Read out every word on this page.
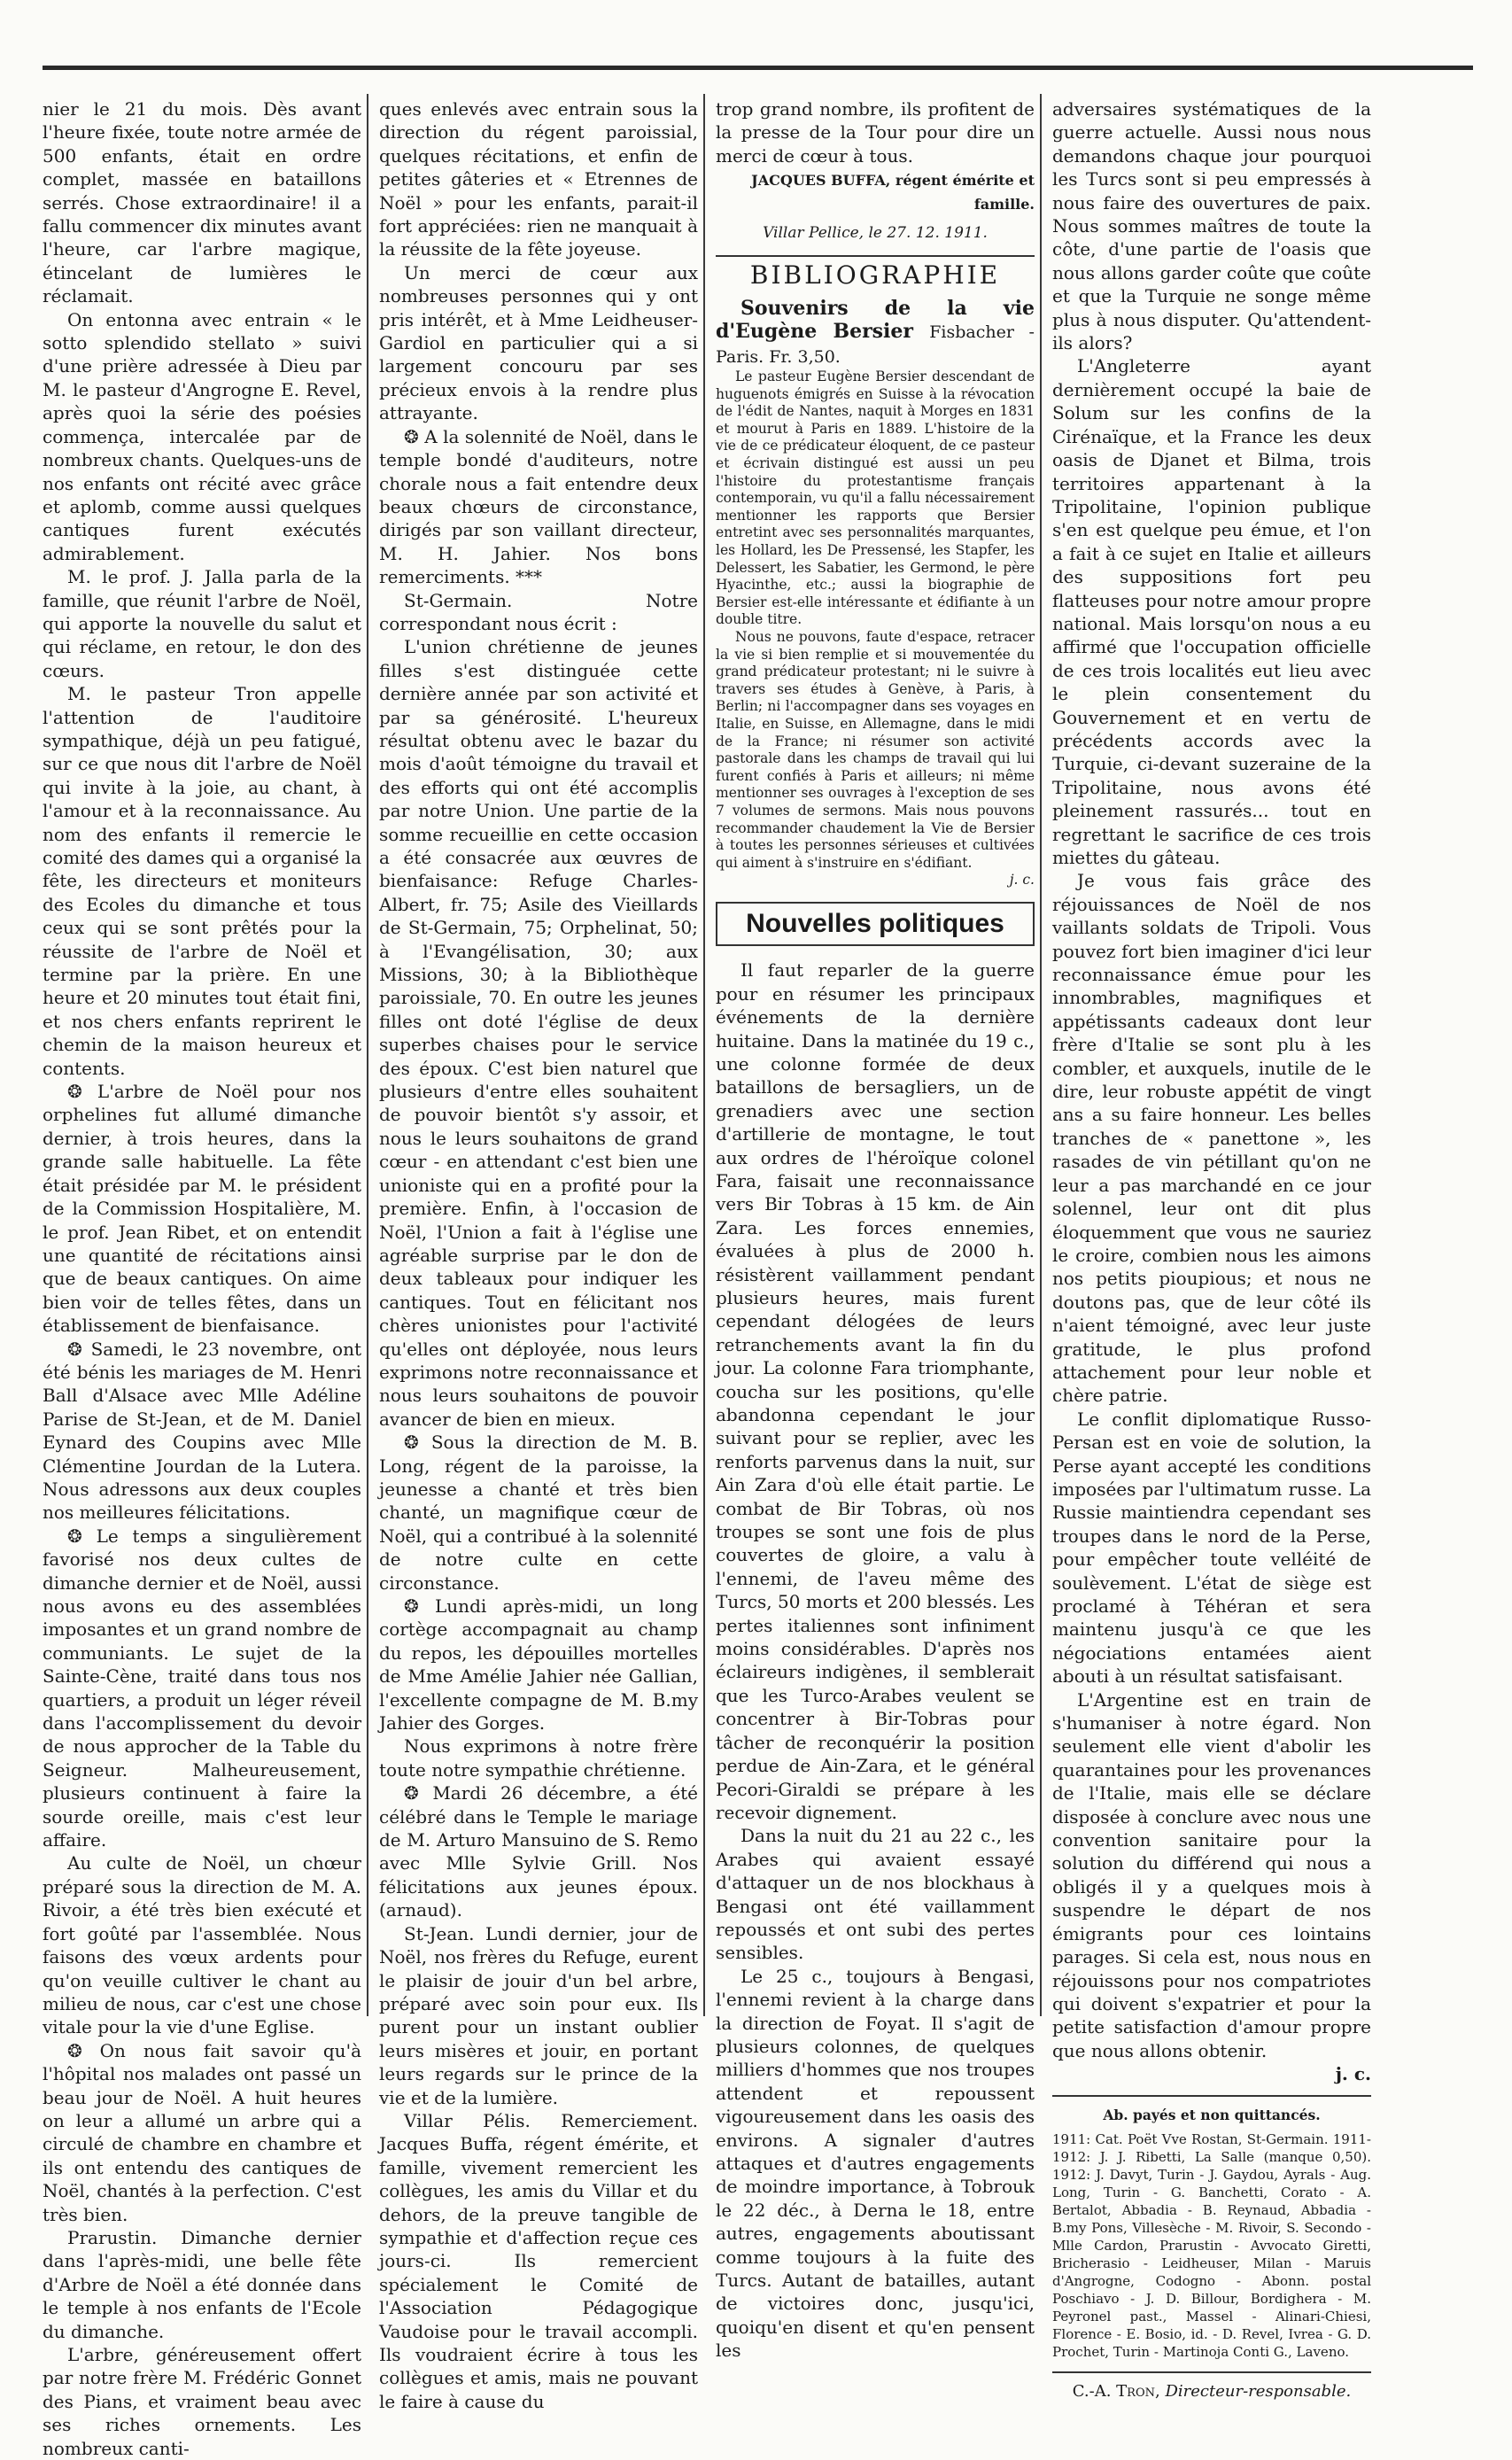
nier le 21 du mois. Dès avant l'heure fixée, toute notre armée de 500 enfants, était en ordre complet, massée en bataillons serrés. Chose extraordinaire! il a fallu commencer dix minutes avant l'heure, car l'arbre magique, étincelant de lumières le réclamait.

On entonna avec entrain « le sotto splendido stellato » suivi d'une prière adressée à Dieu par M. le pasteur d'Angrogne E. Revel, après quoi la série des poésies commença, intercalée par de nombreux chants. Quelques-uns de nos enfants ont récité avec grâce et aplomb, comme aussi quelques cantiques furent exécutés admirablement.

M. le prof. J. Jalla parla de la famille, que réunit l'arbre de Noël, qui apporte la nouvelle du salut et qui réclame, en retour, le don des cœurs.

M. le pasteur Tron appelle l'attention de l'auditoire sympathique, déjà un peu fatigué, sur ce que nous dit l'arbre de Noël qui invite à la joie, au chant, à l'amour et à la reconnaissance. Au nom des enfants il remercie le comité des dames qui a organisé la fête, les directeurs et moniteurs des Ecoles du dimanche et tous ceux qui se sont prêtés pour la réussite de l'arbre de Noël et termine par la prière. En une heure et 20 minutes tout était fini, et nos chers enfants reprirent le chemin de la maison heureux et contents.

❂ L'arbre de Noël pour nos orphelines fut allumé dimanche dernier, à trois heures, dans la grande salle habituelle. La fête était présidée par M. le président de la Commission Hospitalière, M. le prof. Jean Ribet, et on entendit une quantité de récitations ainsi que de beaux cantiques. On aime bien voir de telles fêtes, dans un établissement de bienfaisance.

❂ Samedi, le 23 novembre, ont été bénis les mariages de M. Henri Ball d'Alsace avec Mlle Adéline Parise de St-Jean, et de M. Daniel Eynard des Coupins avec Mlle Clémentine Jourdan de la Lutera. Nous adressons aux deux couples nos meilleures félicitations.

❂ Le temps a singulièrement favorisé nos deux cultes de dimanche dernier et de Noël, aussi nous avons eu des assemblées imposantes et un grand nombre de communiants. Le sujet de la Sainte-Cène, traité dans tous nos quartiers, a produit un léger réveil dans l'accomplissement du devoir de nous approcher de la Table du Seigneur. Malheureusement, plusieurs continuent à faire la sourde oreille, mais c'est leur affaire.

Au culte de Noël, un chœur préparé sous la direction de M. A. Rivoir, a été très bien exécuté et fort goûté par l'assemblée. Nous faisons des vœux ardents pour qu'on veuille cultiver le chant au milieu de nous, car c'est une chose vitale pour la vie d'une Eglise.

❂ On nous fait savoir qu'à l'hôpital nos malades ont passé un beau jour de Noël. A huit heures on leur a allumé un arbre qui a circulé de chambre en chambre et ils ont entendu des cantiques de Noël, chantés à la perfection. C'est très bien.

Prarustin. Dimanche dernier dans l'après-midi, une belle fête d'Arbre de Noël a été donnée dans le temple à nos enfants de l'Ecole du dimanche.

L'arbre, généreusement offert par notre frère M. Frédéric Gonnet des Pians, et vraiment beau avec ses riches ornements. Les nombreux canti-

ques enlevés avec entrain sous la direction du régent paroissial, quelques récitations, et enfin de petites gâteries et « Etrennes de Noël » pour les enfants, parait-il fort appréciées: rien ne manquait à la réussite de la fête joyeuse.

Un merci de cœur aux nombreuses personnes qui y ont pris intérêt, et à Mme Leidheuser-Gardiol en particulier qui a si largement concouru par ses précieux envois à la rendre plus attrayante.

❂ A la solennité de Noël, dans le temple bondé d'auditeurs, notre chorale nous a fait entendre deux beaux chœurs de circonstance, dirigés par son vaillant directeur, M. H. Jahier. Nos bons remerciments. ***

St-Germain. Notre correspondant nous écrit :

L'union chrétienne de jeunes filles s'est distinguée cette dernière année par son activité et par sa générosité. L'heureux résultat obtenu avec le bazar du mois d'août témoigne du travail et des efforts qui ont été accomplis par notre Union. Une partie de la somme recueillie en cette occasion a été consacrée aux œuvres de bienfaisance: Refuge Charles-Albert, fr. 75; Asile des Vieillards de St-Germain, 75; Orphelinat, 50; à l'Evangélisation, 30; aux Missions, 30; à la Bibliothèque paroissiale, 70. En outre les jeunes filles ont doté l'église de deux superbes chaises pour le service des époux. C'est bien naturel que plusieurs d'entre elles souhaitent de pouvoir bientôt s'y assoir, et nous le leurs souhaitons de grand cœur - en attendant c'est bien une unioniste qui en a profité pour la première. Enfin, à l'occasion de Noël, l'Union a fait à l'église une agréable surprise par le don de deux tableaux pour indiquer les cantiques. Tout en félicitant nos chères unionistes pour l'activité qu'elles ont déployée, nous leurs exprimons notre reconnaissance et nous leurs souhaitons de pouvoir avancer de bien en mieux.

❂ Sous la direction de M. B. Long, régent de la paroisse, la jeunesse a chanté et très bien chanté, un magnifique cœur de Noël, qui a contribué à la solennité de notre culte en cette circonstance.

❂ Lundi après-midi, un long cortège accompagnait au champ du repos, les dépouilles mortelles de Mme Amélie Jahier née Gallian, l'excellente compagne de M. B.my Jahier des Gorges.

Nous exprimons à notre frère toute notre sympathie chrétienne.

❂ Mardi 26 décembre, a été célébré dans le Temple le mariage de M. Arturo Mansuino de S. Remo avec Mlle Sylvie Grill. Nos félicitations aux jeunes époux. (arnaud).

St-Jean. Lundi dernier, jour de Noël, nos frères du Refuge, eurent le plaisir de jouir d'un bel arbre, préparé avec soin pour eux. Ils purent pour un instant oublier leurs misères et jouir, en portant leurs regards sur le prince de la vie et de la lumière.

Villar Pélis. Remerciement. Jacques Buffa, régent émérite, et famille, vivement remercient les collègues, les amis du Villar et du dehors, de la preuve tangible de sympathie et d'affection reçue ces jours-ci. Ils remercient spécialement le Comité de l'Association Pédagogique Vaudoise pour le travail accompli. Ils voudraient écrire à tous les collègues et amis, mais ne pouvant le faire à cause du

trop grand nombre, ils profitent de la presse de la Tour pour dire un merci de cœur à tous.

JACQUES BUFFA, régent émérite et famille.
Villar Pellice, le 27. 12. 1911.
BIBLIOGRAPHIE

Souvenirs de la vie d'Eugène Bersier Fisbacher - Paris. Fr. 3,50.

Le pasteur Eugène Bersier descendant de huguenots émigrés en Suisse à la révocation de l'édit de Nantes, naquit à Morges en 1831 et mourut à Paris en 1889. L'histoire de la vie de ce prédicateur éloquent, de ce pasteur et écrivain distingué est aussi un peu l'histoire du protestantisme français contemporain, vu qu'il a fallu nécessairement mentionner les rapports que Bersier entretint avec ses personnalités marquantes, les Hollard, les De Pressensé, les Stapfer, les Delessert, les Sabatier, les Germond, le père Hyacinthe, etc.; aussi la biographie de Bersier est-elle intéressante et édifiante à un double titre.

Nous ne pouvons, faute d'espace, retracer la vie si bien remplie et si mouvementée du grand prédicateur protestant; ni le suivre à travers ses études à Genève, à Paris, à Berlin; ni l'accompagner dans ses voyages en Italie, en Suisse, en Allemagne, dans le midi de la France; ni résumer son activité pastorale dans les champs de travail qui lui furent confiés à Paris et ailleurs; ni même mentionner ses ouvrages à l'exception de ses 7 volumes de sermons. Mais nous pouvons recommander chaudement la Vie de Bersier à toutes les personnes sérieuses et cultivées qui aiment à s'instruire en s'édifiant.

j. c.
Nouvelles politiques

Il faut reparler de la guerre pour en résumer les principaux événements de la dernière huitaine. Dans la matinée du 19 c., une colonne formée de deux bataillons de bersagliers, un de grenadiers avec une section d'artillerie de montagne, le tout aux ordres de l'héroïque colonel Fara, faisait une reconnaissance vers Bir Tobras à 15 km. de Ain Zara. Les forces ennemies, évaluées à plus de 2000 h. résistèrent vaillamment pendant plusieurs heures, mais furent cependant délogées de leurs retranchements avant la fin du jour. La colonne Fara triomphante, coucha sur les positions, qu'elle abandonna cependant le jour suivant pour se replier, avec les renforts parvenus dans la nuit, sur Ain Zara d'où elle était partie. Le combat de Bir Tobras, où nos troupes se sont une fois de plus couvertes de gloire, a valu à l'ennemi, de l'aveu même des Turcs, 50 morts et 200 blessés. Les pertes italiennes sont infiniment moins considérables. D'après nos éclaireurs indigènes, il semblerait que les Turco-Arabes veulent se concentrer à Bir-Tobras pour tâcher de reconquérir la position perdue de Ain-Zara, et le général Pecori-Giraldi se prépare à les recevoir dignement.

Dans la nuit du 21 au 22 c., les Arabes qui avaient essayé d'attaquer un de nos blockhaus à Bengasi ont été vaillamment repoussés et ont subi des pertes sensibles.

Le 25 c., toujours à Bengasi, l'ennemi revient à la charge dans la direction de Foyat. Il s'agit de plusieurs colonnes, de quelques milliers d'hommes que nos troupes attendent et repoussent vigoureusement dans les oasis des environs. A signaler d'autres attaques et d'autres engagements de moindre importance, à Tobrouk le 22 déc., à Derna le 18, entre autres, engagements aboutissant comme toujours à la fuite des Turcs. Autant de batailles, autant de victoires donc, jusqu'ici, quoiqu'en disent et qu'en pensent les

adversaires systématiques de la guerre actuelle. Aussi nous nous demandons chaque jour pourquoi les Turcs sont si peu empressés à nous faire des ouvertures de paix. Nous sommes maîtres de toute la côte, d'une partie de l'oasis que nous allons garder coûte que coûte et que la Turquie ne songe même plus à nous disputer. Qu'attendent-ils alors?

L'Angleterre ayant dernièrement occupé la baie de Solum sur les confins de la Cirénaïque, et la France les deux oasis de Djanet et Bilma, trois territoires appartenant à la Tripolitaine, l'opinion publique s'en est quelque peu émue, et l'on a fait à ce sujet en Italie et ailleurs des suppositions fort peu flatteuses pour notre amour propre national. Mais lorsqu'on nous a eu affirmé que l'occupation officielle de ces trois localités eut lieu avec le plein consentement du Gouvernement et en vertu de précédents accords avec la Turquie, ci-devant suzeraine de la Tripolitaine, nous avons été pleinement rassurés... tout en regrettant le sacrifice de ces trois miettes du gâteau.

Je vous fais grâce des réjouissances de Noël de nos vaillants soldats de Tripoli. Vous pouvez fort bien imaginer d'ici leur reconnaissance émue pour les innombrables, magnifiques et appétissants cadeaux dont leur frère d'Italie se sont plu à les combler, et auxquels, inutile de le dire, leur robuste appétit de vingt ans a su faire honneur. Les belles tranches de « panettone », les rasades de vin pétillant qu'on ne leur a pas marchandé en ce jour solennel, leur ont dit plus éloquemment que vous ne sauriez le croire, combien nous les aimons nos petits pioupious; et nous ne doutons pas, que de leur côté ils n'aient témoigné, avec leur juste gratitude, le plus profond attachement pour leur noble et chère patrie.

Le conflit diplomatique Russo-Persan est en voie de solution, la Perse ayant accepté les conditions imposées par l'ultimatum russe. La Russie maintiendra cependant ses troupes dans le nord de la Perse, pour empêcher toute velléité de soulèvement. L'état de siège est proclamé à Téhéran et sera maintenu jusqu'à ce que les négociations entamées aient abouti à un résultat satisfaisant.

L'Argentine est en train de s'humaniser à notre égard. Non seulement elle vient d'abolir les quarantaines pour les provenances de l'Italie, mais elle se déclare disposée à conclure avec nous une convention sanitaire pour la solution du différend qui nous a obligés il y a quelques mois à suspendre le départ de nos émigrants pour ces lointains parages. Si cela est, nous nous en réjouissons pour nos compatriotes qui doivent s'expatrier et pour la petite satisfaction d'amour propre que nous allons obtenir.

j. c.
Ab. payés et non quittancés.
1911: Cat. Poët Vve Rostan, St-Germain. 1911-1912: J. J. Ribetti, La Salle (manque 0,50). 1912: J. Davyt, Turin - J. Gaydou, Ayrals - Aug. Long, Turin - G. Banchetti, Corato - A. Bertalot, Abbadia - B. Reynaud, Abbadia - B.my Pons, Villesèche - M. Rivoir, S. Secondo - Mlle Cardon, Prarustin - Avvocato Giretti, Bricherasio - Leidheuser, Milan - Maruis d'Angrogne, Codogno - Abonn. postal Poschiavo - J. D. Billour, Bordighera - M. Peyronel past., Massel - Alinari-Chiesi, Florence - E. Bosio, id. - D. Revel, Ivrea - G. D. Prochet, Turin - Martinoja Conti G., Laveno.
C.-A. Tron, Directeur-responsable.
